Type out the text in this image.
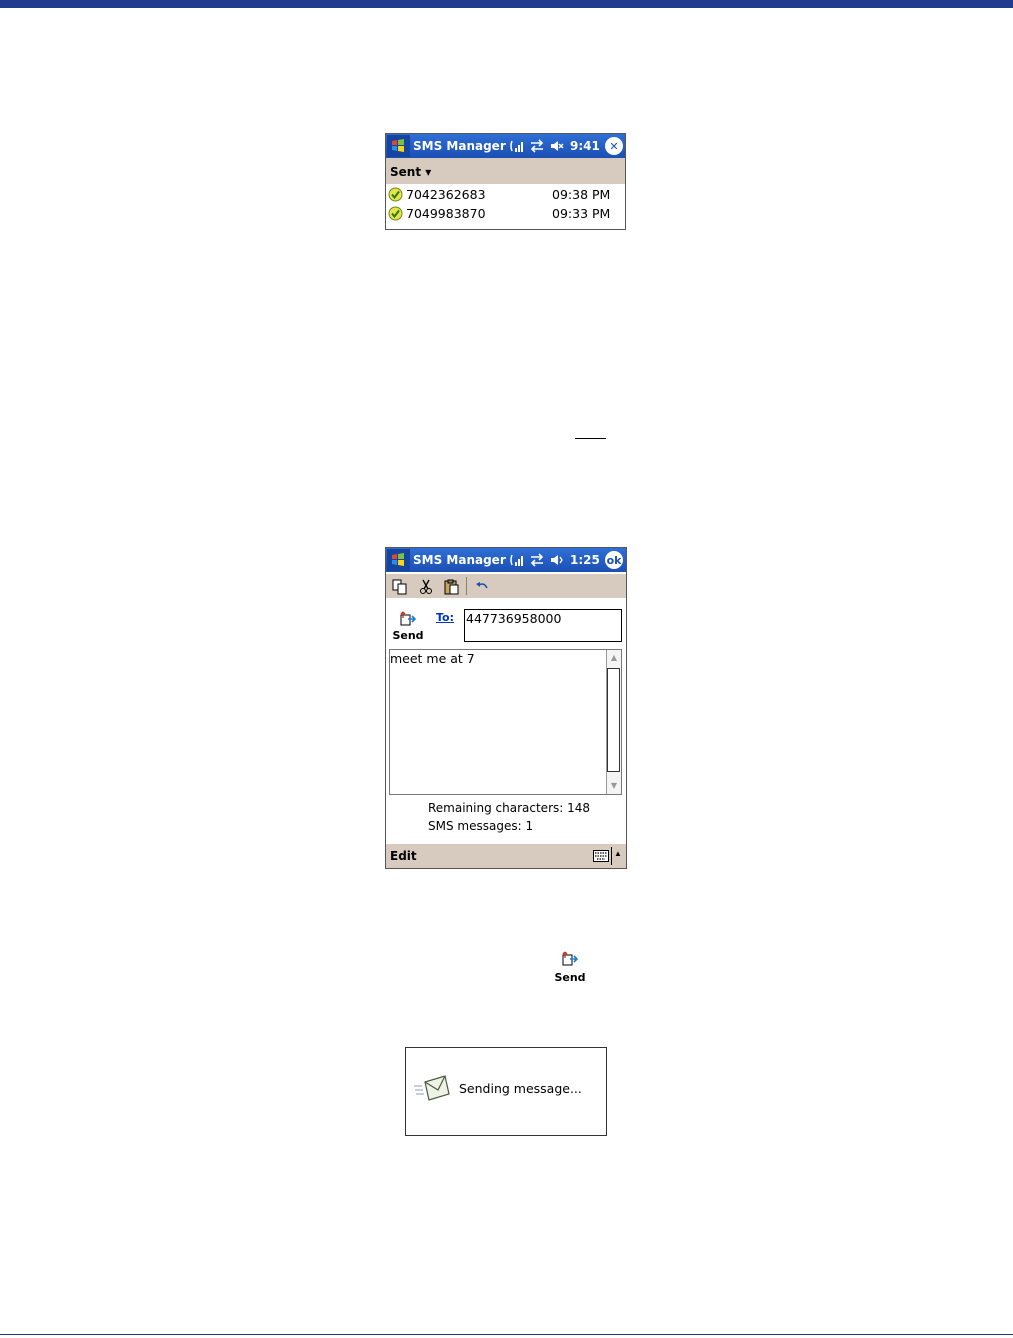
SMS Manager	9:41 ✕
Sent ▾
7042362683	09:38 PM
7049983870	09:33 PM
SMS Manager	1:25 ok
Send
To: 447736958000
meet me at 7	▲
▼
Remaining characters: 148
SMS messages: 1
Edit	▲
Send
Sending message...
